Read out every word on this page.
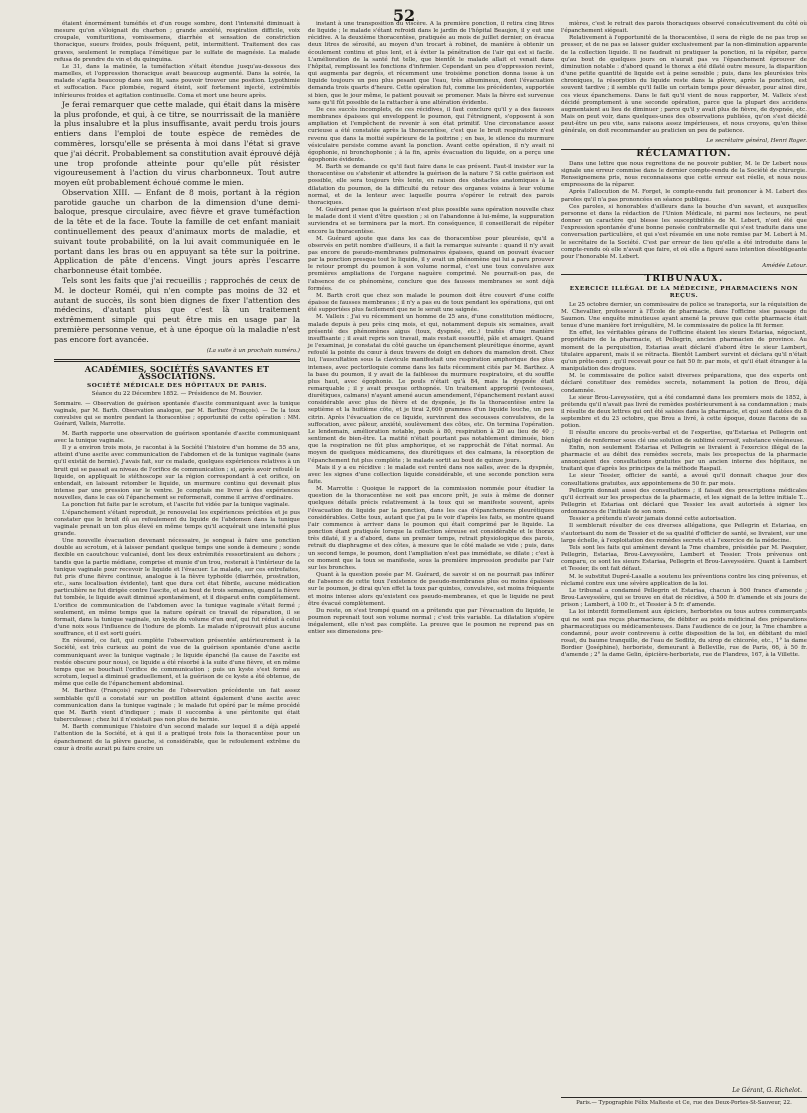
52

étaient énormément tuméfiés et d'un rouge sombre, dont l'intensité diminuait à mesure qu'on s'éloignait du charbon ; grande anxiété, respiration difficile, voix croupale, vomituritions, vomissemens, diarrhée et sensation de constriction thoracique, sueurs froides, pouls fréquent, petit, intermittent. Traitement des cas graves, seulement le remplaça l'émétique par le sulfate de magnésie. La malade refusa de prendre du vin et du quinquina.

Le 31, dans la matinée, la tuméfaction s'était étendue jusqu'au-dessous des mamelles, et l'oppression thoracique avait beaucoup augmenté. Dans la soirée, la malade s'agita beaucoup dans son lit, sans pouvoir trouver une position. Lypothimie et suffocation. Face plombée, regard éteint, soif fortement injecté, extrémités inférieures froides et agitation continuelle. Coma et mort une heure après.

Je ferai remarquer que cette malade, qui était dans la misère la plus profonde, et qui, à ce titre, se nourrissait de la manière la plus insalubre et la plus insuffisante, avait perdu trois jours entiers dans l'emploi de toute espèce de remèdes de commères, lorsqu'elle se présenta à moi dans l'état si grave que j'ai décrit. Probablement sa constitution avait éprouvé déjà une trop profonde atteinte pour qu'elle pût résister vigoureusement à l'action du virus charbonneux. Tout autre moyen eût probablement échoué comme le mien.

Observation XIII. — Enfant de 8 mois, portant à la région parotide gauche un charbon de la dimension d'une demi-baloque, presque circulaire, avec fièvre et grave tuméfaction de la tête et de la face. Toute la famille de cet enfant maniait continuellement des peaux d'animaux morts de maladie, et suivant toute probabilité, on la lui avait communiquée en le portant dans les bras ou en appuyant sa tête sur la poitrine. Application de pâte d'encens. Vingt jours après l'escarre charbonneuse était tombée.

Tels sont les faits que j'ai recueillis ; rapprochés de ceux de M. le docteur Roméi, qui n'en compte pas moins de 32 et autant de succès, ils sont bien dignes de fixer l'attention des médecins, d'autant plus que c'est là un traitement extrêmement simple qui peut être mis en usage par la première personne venue, et à une époque où la maladie n'est pas encore fort avancée.

(La suite à un prochain numéro.)
ACADÉMIES, SOCIÉTÉS SAVANTES ET ASSOCIATIONS.
SOCIÉTÉ MÉDICALE DES HÔPITAUX DE PARIS.
Séance du 22 Décembre 1852. — Présidence de M. Bouvier.

Sommaire. — Observation de guérison spontanée d'ascite communiquant avec la tunique vaginale, par M. Barth. Observation analogue, par M. Barthez (François). — De la toux convulsive qui se montre pendant la thoracentèse ; opportunité de cette opération : MM. Guérard, Valleix, Marrotte.

M. Barth rapporte une observation de guérison spontanée d'ascite communiquant avec la tunique vaginale.

Il y a environ trois mois, je racontai à la Société l'histoire d'un homme de 55 ans, atteint d'une ascite avec communication de l'abdomen et de la tunique vaginale (sans qu'il existât de hernie). J'avais fait, sur ce malade, quelques expériences relatives à un bruit qui se passait au niveau de l'orifice de communication ; si, après avoir refoulé le liquide, on appliquait le stéthoscope sur la région correspondant à cet orifice, on entendait, en laissant retomber le liquide, un murmure continu qui devenait plus intense par une pression sur le ventre. Je comptais me livrer à des expériences nouvelles, dans le cas où l'épanchement se reformerait, comme il arrive d'ordinaire.

La ponction fut faite par le scrotum, et l'ascite fut vidée par la tunique vaginale.

L'épanchement s'étant reproduit, je renouvelai les expériences précitées et je pus constater que le bruit dû au refoulement du liquide de l'abdomen dans la tunique vaginale prenait un ton plus élevé en même temps qu'il acquérait une intensité plus grande.

Une nouvelle évacuation devenant nécessaire, je songeai à faire une ponction double au scrotum, et à laisser pendant quelque temps une sonde à demeure ; sonde flexible en caoutchouc vulcanisé, dont les deux extrémités ressortiraient au dehors ; tandis que la partie médiane, comprise et munie d'un trou, resterait à l'intérieur de la tunique vaginale pour recevoir le liquide et l'évacuer. Le malade, sur ces entrefaites, fut pris d'une fièvre continue, analogue à la fièvre typhoïde (diarrhée, prostration, etc., sans localisation évidente), tant que dura cet état fébrile, aucune médication particulière ne fut dirigée contre l'ascite, et au bout de trois semaines, quand la fièvre fut tombée, le liquide avait diminué spontanément, et il disparut enfin complètement. L'orifice de communication de l'abdomen avec la tunique vaginale s'était fermé ; seulement, en même temps que la nature opérait ce travail de réparation, il se formait, dans la tunique vaginale, un kyste du volume d'un œuf, qui fut réduit à celui d'une noix sous l'influence de l'iodure de plomb. Le malade n'éprouvait plus aucune souffrance, et il est sorti guéri.

En résumé, ce fait, qui complète l'observation présentée antérieurement à la Société, est très curieux au point de vue de la guérison spontanée d'une ascite communiquant avec la tunique vaginale ; le liquide épanché (la cause de l'ascite est restée obscure pour nous), ce liquide a été résorbé à la suite d'une fièvre, et en même temps que se bouchait l'orifice de communication ; puis un kyste s'est formé au scrotum, lequel a diminué graduellement, et la guérison de ce kyste a été obtenue, de même que celle de l'épanchement abdominal.

M. Barthez (François) rapproche de l'observation précédente un fait assez semblable qu'il a constaté sur un postillon atteint également d'une ascite avec communication dans la tunique vaginale ; le malade fut opéré par le même procédé que M. Barth vient d'indiquer ; mais il succomba à une péritonite qui était tuberculeuse ; chez lui il n'existait pas non plus de hernie.

M. Barth communique l'histoire d'un second malade sur lequel il a déjà appelé l'attention de la Société, et à qui il a pratiqué trois fois la thoracentèse pour un épanchement de la plèvre gauche, si considérable, que le refoulement extrême du cœur à droite aurait pu faire croire un

instant à une transposition du viscère. A la première ponction, il retira cinq litres de liquide ; le malade s'étant refroidi dans le jardin de l'hôpital Beaujon, il y eut une récidive. A la deuxième thoracentèse, pratiquée au mois de juillet dernier, on évacua deux litres de sérosité, au moyen d'un trocart à robinet, de manière à obtenir un écoulement continu et plus lent, et à éviter la pénétration de l'air qui est si facile. L'amélioration de la santé fut telle, que bientôt le malade allait et venait dans l'hôpital, remplissant les fonctions d'infirmier. Cependant un peu d'oppression revint, qui augmenta par degrés, et récemment une troisième ponction donna issue à un liquide toujours un peu plus pesant que l'eau, très albumineux, dont l'évacuation demanda trois quarts d'heure. Cette opération fut, comme les précédentes, supportée si bien, que le jour même, le patient pouvait se promener. Mais la fièvre est survenue sans qu'il fût possible de la rattacher à une altération évidente.

De ces succès incomplets, de ces récidives, il faut conclure qu'il y a des fausses membranes épaisses qui enveloppent le poumon, qui l'étreignent, s'opposent à son ampliation et l'empêchent de revenir à son état primitif. Une circonstance assez curieuse a été constatée après la thoracentèse, c'est que le bruit respiratoire n'est revenu que dans la moitié supérieure de la poitrine ; en bas, le silence du murmure vésiculaire persiste comme avant la ponction. Avant cette opération, il n'y avait ni égophonie, ni bronchophonie ; à la fin, après évacuation du liquide, on a perçu une égophonie évidente.

M. Barth se demande ce qu'il faut faire dans le cas présent. Faut-il insister sur la thoracentèse ou s'abstenir et attendre la guérison de la nature ? Si cette guérison est possible, elle sera toujours très lente, en raison des obstacles anatomiques à la dilatation du poumon, de la difficulté du retour des organes voisins à leur volume normal, et de la lenteur avec laquelle pourra s'opérer le retrait des parois thoraciques.

M. Guérard pense que la guérison n'est plus possible sans opération nouvelle chez le malade dont il vient d'être question ; si on l'abandonne à lui-même, la suppuration surviendra et se terminera par la mort. En conséquence, il conseillerait de répéter encore la thoracentèse.

M. Guérard ajoute que dans les cas de thoracentèse pour pleurésie, qu'il a observés en petit nombre d'ailleurs, il a fait la remarque suivante : quand il n'y avait pas encore de pseudo-membranes pulmonaires épaisses, quand on pouvait évacuer par la ponction presque tout le liquide, il y avait un phénomène qui lui a paru prouver le retour prompt du poumon à son volume normal, c'est une toux convulsive aux premières ampliations de l'organe naguère comprimé. Ne pourrait-on pas, de l'absence de ce phénomène, conclure que des fausses membranes se sont déjà formées.

M. Barth croit que chez son malade le poumon doit être couvert d'une coiffe épaisse de fausses membranes ; il n'y a pas eu de toux pendant les opérations, qui ont été supportées plus facilement que ne le serait une saignée.

M. Valleix : J'ai vu récemment un homme de 25 ans, d'une constitution médiocre, malade depuis à peu près cinq mois, et qui, notamment depuis six semaines, avait présenté des phénomènes aigus (toux, dyspnée, etc.) traités d'une manière insuffisante ; il avait repris son travail, mais restait essoufflé, pâle et amaigri. Quand je l'examinai, je constatai du côté gauche un épanchement pleurétique énorme, ayant refoulé la pointe du cœur à deux travers de doigt en dehors du mamelon droit. Chez lui, l'auscultation sous la clavicule manifestait une respiration amphorique des plus intenses, avec pectoriloquie comme dans les faits récemment cités par M. Barthez. A la base du poumon, il y avait de la faiblesse du murmure respiratoire, et du souffle plus haut, avec égophonie. Le pouls n'était qu'à 84, mais la dyspnée était remarquable ; il y avait presque orthopnée. Un traitement approprié (ventouses, diurétiques, calmans) n'ayant amené aucun amendement, l'épanchement restant aussi considérable avec plus de fièvre et de dyspnée, je fis la thoracentèse entre la septième et la huitième côte, et je tirai 2,600 grammes d'un liquide louche, un peu citrin. Après l'évacuation de ce liquide, survinrent des secousses convulsives, de la suffocation, avec pâleur, anxiété, soulèvement des côtes, etc. On termina l'opération. Le lendemain, amélioration notable, pouls à 80, respiration à 20 au lieu de 40 ; sentiment de bien-être. La matité n'était pourtant pas notablement diminuée, bien que la respiration ne fût plus amphorique, et se rapprochât de l'état normal. Au moyen de quelques médicamens, des diurétiques et des calmans, la résorption de l'épanchement fut plus complète ; le malade sortit au bout de quinze jours.

Mais il y a eu récidive : le malade est rentré dans nos salles, avec de la dyspnée, avec les signes d'une collection liquide considérable, et une seconde ponction sera faite.

M. Marrotte : Quoique le rapport de la commission nommée pour étudier la question de la thoracentèse ne soit pas encore prêt, je suis à même de donner quelques détails précis relativement à la toux qui se manifeste souvent, après l'évacuation du liquide par la ponction, dans les cas d'épanchemens pleurétiques considérables. Cette toux, autant que j'ai pu le voir d'après les faits, se montre quand l'air commence à arriver dans le poumon qui était comprimé par le liquide. La ponction étant pratiquée lorsque la collection séreuse est considérable et le thorax très dilaté, il y a d'abord, dans un premier temps, retrait physiologique des parois, retrait du diaphragme et des côtes, à mesure que le côté malade se vide ; puis, dans un second temps, le poumon, dont l'ampliation n'est pas immédiate, se dilate ; c'est à ce moment que la toux se manifeste, sous la première impression produite par l'air sur les bronches.

Quant à la question posée par M. Guérard, de savoir si on ne pourrait pas inférer de l'absence de cette toux l'existence de pseudo-membranes plus ou moins épaisses sur le poumon, je dirai qu'en effet la toux par quintes, convulsive, est moins fréquente et moins intense alors qu'existent ces pseudo-membranes, et que le liquide ne peut être évacué complètement.

Du reste, on s'est trompé quand on a prétendu que par l'évacuation du liquide, le poumon reprenait tout son volume normal ; c'est très variable. La dilatation s'opère inégalement, elle n'est pas complète. La preuve que le poumon ne reprend pas en entier ses dimensions pre-

mières, c'est le retrait des parois thoraciques observé consécutivement du côté où l'épanchement siégeait.

Relativement à l'opportunité de la thoracentèse, il sera de règle de ne pas trop se presser, et de ne pas se laisser guider exclusivement par la non-diminution apparente de la collection liquide. Il ne faudrait ni pratiquer la ponction, ni la répéter, parce qu'au bout de quelques jours on n'aurait pas vu l'épanchement éprouver de diminution notable : d'abord quand le thorax a été dilaté outre mesure, la disparition d'une petite quantité de liquide est à peine sensible ; puis, dans les pleurésies très chroniques, la résorption du liquide reste dans la plèvre, après la ponction, est souvent tardive ; il semble qu'il faille un certain temps pour dévaster, pour ainsi dire, ces vieux épanchemens. Dans le fait qu'il vient de nous rapporter, M. Valleix s'est décidé promptement à une seconde opération, parce que la plupart des accidens augmentaient au lieu de diminuer ; parce qu'il y avait plus de fièvre, de dyspnée, etc. Mais on peut voir, dans quelques-unes des observations publiées, qu'on s'est décidé peut-être un peu vite, sans raisons assez impérieuses, et nous croyons, qu'en thèse générale, on doit recommander au praticien un peu de patience.

Le secrétaire général, Henri Roger.
RÉCLAMATION.

Dans une lettre que nous regrettons de ne pouvoir publier, M. le Dr Lebert nous signale une erreur commise dans le dernier compte-rendu de la Société de chirurgie. Renseignemens pris, nous reconnaissons que cette erreur est réelle, et nous nous empressons de la réparer.

Après l'allocution de M. Forget, le compte-rendu fait prononcer à M. Lebert des paroles qu'il n'a pas prononcées en séance publique.

Ces paroles, si honorables d'ailleurs dans la bouche d'un savant, et auxquelles personne et dans la rédaction de l'Union Médicale, ni parmi nos lecteurs, ne peut donner un caractère qui blesse les susceptibilités de M. Lebert, n'ont été que l'expression spontanée d'une bonne pensée confraternelle qui s'est traduite dans une conversation particulière, et qui s'est résumée en une note remise par M. Lebert à M. le secrétaire de la Société. C'est par erreur de lieu qu'elle a été introduite dans le compte-rendu où elle n'avait que faire, et où elle a figuré sans intention désobligeante pour l'honorable M. Lebert.

Amédée Latour.
TRIBUNAUX.
EXERCICE ILLÉGAL DE LA MÉDECINE, PHARMACIENS NON REÇUS.

Le 25 octobre dernier, un commissaire de police se transporta, sur la réquisition de M. Chevallier, professeur à l'École de pharmacie, dans l'officine sise passage du Saumon. Une enquête minutieuse ayant amené la preuve que cette pharmacie était tenue d'une manière fort irrégulière, M. le commissaire de police la fit fermer.

En effet, les véritables gérans de l'officine étaient les sieurs Estariaa, négociant, propriétaire de la pharmacie, et Pellegrin, ancien pharmacien de province. Au moment de la perquisition, Estariaa avait déclaré d'abord être le sieur Lambert, titulaire apparent, mais il se rétracta. Bientôt Lambert survint et déclara qu'il n'était qu'un prête-nom ; qu'il recevait pour ce fait 50 fr. par mois, et qu'il était étranger à la manipulation des drogues.

M. le commissaire de police saisit diverses préparations, que des experts ont déclaré constituer des remèdes secrets, notamment la potion de Brou, déjà condamnée.

Le sieur Brou-Laveyssière, qui a été condamné dans les premiers mois de 1852, à prétendu qu'il n'avait pas livré de remèdes postérieurement à sa condamnation ; mais il résulte de deux lettres qui ont été saisies dans la pharmacie, et qui sont datées du 8 septembre et du 23 octobre, que Brou a livré, à cette époque, douze flacons de sa potion.

Il résulte encore du procès-verbal et de l'expertise, qu'Estariaa et Pellegrin ont négligé de renfermer sous clé une solution de sublimé corrosif, substance vénéneuse.

Enfin, non seulement Estariaa et Pellegrin se livraient à l'exercice illégal de la pharmacie et au débit des remèdes secrets, mais les prospectus de la pharmacie annonçaient des consultations gratuites par un ancien interne des hôpitaux, ne traitant que d'après les principes de la méthode Raspail.

Le sieur Tessier, officier de santé, a avoué qu'il donnait chaque jour des consultations gratuites, aux appointemens de 50 fr. par mois.

Pellegrin donnait aussi des consultations ; il faisait des prescriptions médicales qu'il écrivait sur les prospectus de la pharmacie, et les signait de la lettre initiale T... Pellegrin et Estariaa ont déclaré que Tessier les avait autorisés à signer les ordonnances de l'initiale de son nom.

Tessier a prétendu n'avoir jamais donné cette autorisation.

Il semblerait résulter de ces diverses allégations, que Pellegrin et Estariaa, en s'autorisant du nom de Tessier et de sa qualité d'officier de santé, se livraient, sur une large échelle, à l'exploitation des remèdes secrets et à l'exercice de la médecine.

Tels sont les faits qui amènent devant la 7me chambre, présidée par M. Pasquier, Pellegrin, Estariaa, Brou-Laveyssière, Lambert et Tessier. Trois prévenus ont comparu, ce sont les sieurs Estariaa, Pellegrin et Brou-Laveyssière. Quant à Lambert et Tessier, ils ont fait défaut.

M. le substitut Dupré-Lasalle a soutenu les préventions contre les cinq prévenus, et réclamé contre eux une sévère application de la loi.

Le tribunal a condamné Pellegrin et Estariaa, chacun à 500 francs d'amende ; Brou-Laveyssière, qui se trouve en état de récidive, à 500 fr. d'amende et six jours de prison ; Lambert, à 100 fr., et Tessier à 5 fr. d'amende.

La loi interdit formellement aux épiciers, herboristes ou tous autres commerçants qui ne sont pas reçus pharmaciens, de débiter au poids médicinal des préparations pharmaceutiques ou médicamenteuses. Dans l'audience de ce jour, la 7me chambre a condamné, pour avoir contrevenu à cette disposition de la loi, en débitant du miel rosat, du baume tranquille, de l'eau de Sedlitz, du sirop de chicorée, etc., 1° la dame Bordier (Joséphine), herboriste, demeurant à Belleville, rue de Paris, 66, à 50 fr. d'amende ; 2° la dame Gelin, épicière-herboriste, rue de Flandres, 167, à la Villette.

Le Gérant, G. Richelot.
Paris.— Typographie Félix Malteste et Ce, rue des Deux-Portes-St-Sauveur, 22.
